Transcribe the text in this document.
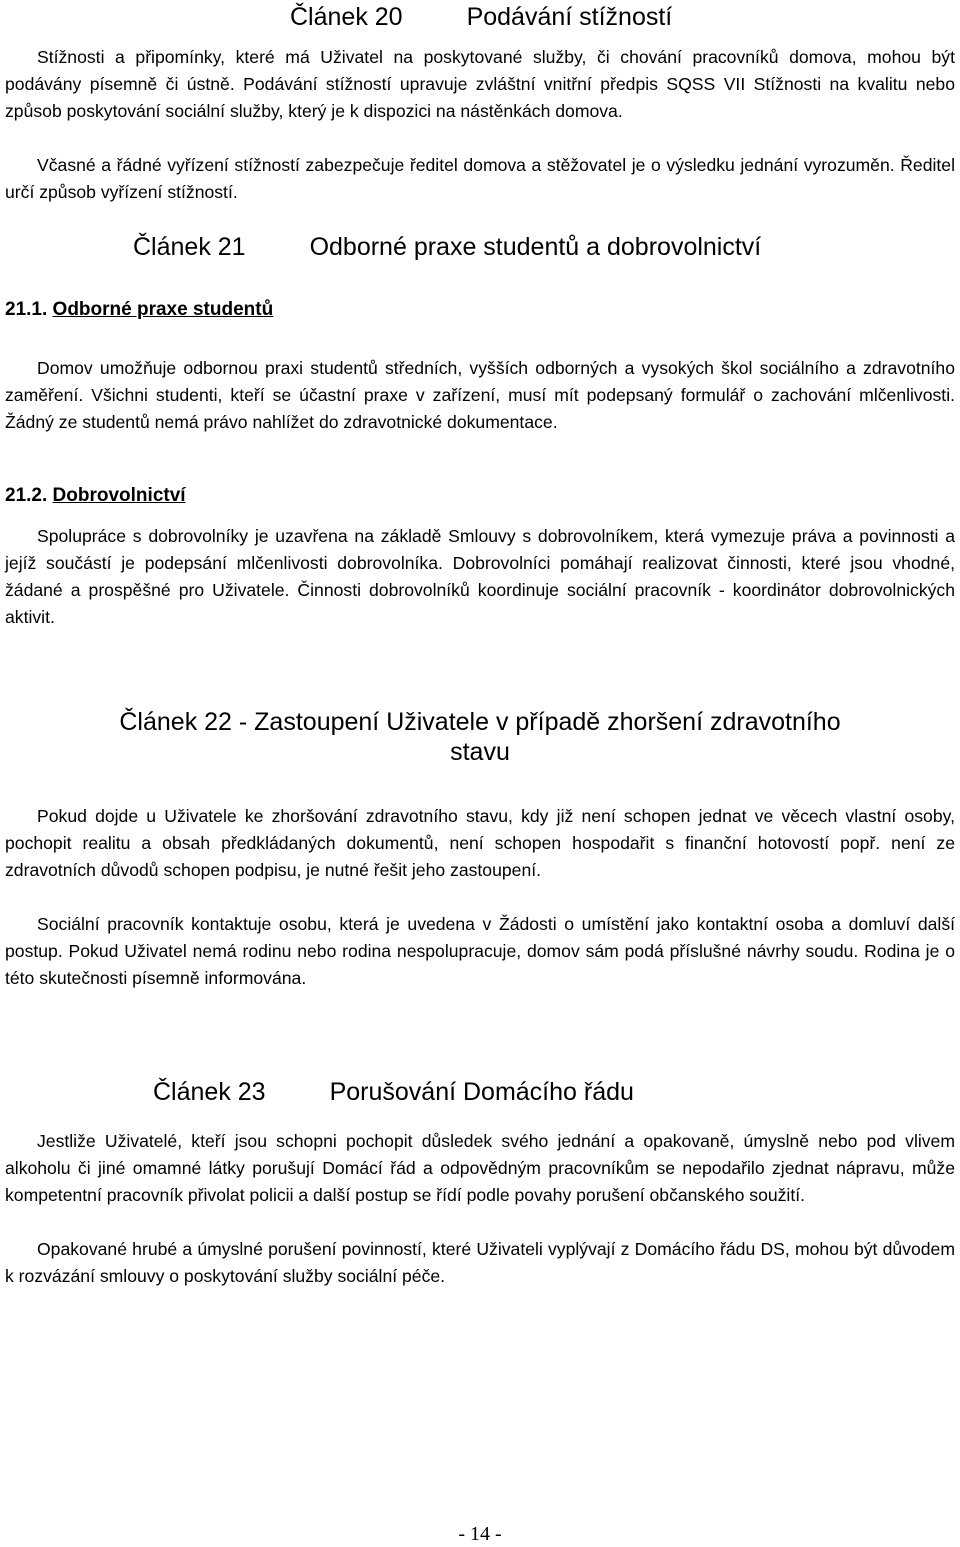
Článek 20	Podávání stížností

Stížnosti a připomínky, které má Uživatel na poskytované služby, či chování pracovníků domova, mohou být podávány písemně či ústně. Podávání stížností upravuje zvláštní vnitřní předpis SQSS VII Stížnosti na kvalitu nebo způsob poskytování sociální služby, který je k dispozici na nástěnkách domova.

Včasné a řádné vyřízení stížností zabezpečuje ředitel domova a stěžovatel je o výsledku jednání vyrozuměn. Ředitel určí způsob vyřízení stížností.

Článek 21	Odborné praxe studentů a dobrovolnictví
21.1. Odborné praxe studentů

Domov umožňuje odbornou praxi studentů středních, vyšších odborných a vysokých škol sociálního a zdravotního zaměření. Všichni studenti, kteří se účastní praxe v zařízení, musí mít podepsaný formulář o zachování mlčenlivosti. Žádný ze studentů nemá právo nahlížet do zdravotnické dokumentace.

21.2. Dobrovolnictví

Spolupráce s dobrovolníky je uzavřena na základě Smlouvy s dobrovolníkem, která vymezuje práva a povinnosti a jejíž součástí je podepsání mlčenlivosti dobrovolníka. Dobrovolníci pomáhají realizovat činnosti, které jsou vhodné, žádané a prospěšné pro Uživatele. Činnosti dobrovolníků koordinuje sociální pracovník - koordinátor dobrovolnických aktivit.

Článek 22 - Zastoupení Uživatele v případě zhoršení zdravotního
stavu

Pokud dojde u Uživatele ke zhoršování zdravotního stavu, kdy již není schopen jednat ve věcech vlastní osoby, pochopit realitu a obsah předkládaných dokumentů, není schopen hospodařit s finanční hotovostí popř. není ze zdravotních důvodů schopen podpisu, je nutné řešit jeho zastoupení.

Sociální pracovník kontaktuje osobu, která je uvedena v Žádosti o umístění jako kontaktní osoba a domluví další postup. Pokud Uživatel nemá rodinu nebo rodina nespolupracuje, domov sám podá příslušné návrhy soudu. Rodina je o této skutečnosti písemně informována.

Článek 23	Porušování Domácího řádu

Jestliže Uživatelé, kteří jsou schopni pochopit důsledek svého jednání a opakovaně, úmyslně nebo pod vlivem alkoholu či jiné omamné látky porušují Domácí řád a odpovědným pracovníkům se nepodařilo zjednat nápravu, může kompetentní pracovník přivolat policii a další postup se řídí podle povahy porušení občanského soužití.

Opakované hrubé a úmyslné porušení povinností, které Uživateli vyplývají z Domácího řádu DS, mohou být důvodem k rozvázání smlouvy o poskytování služby sociální péče.

- 14 -
